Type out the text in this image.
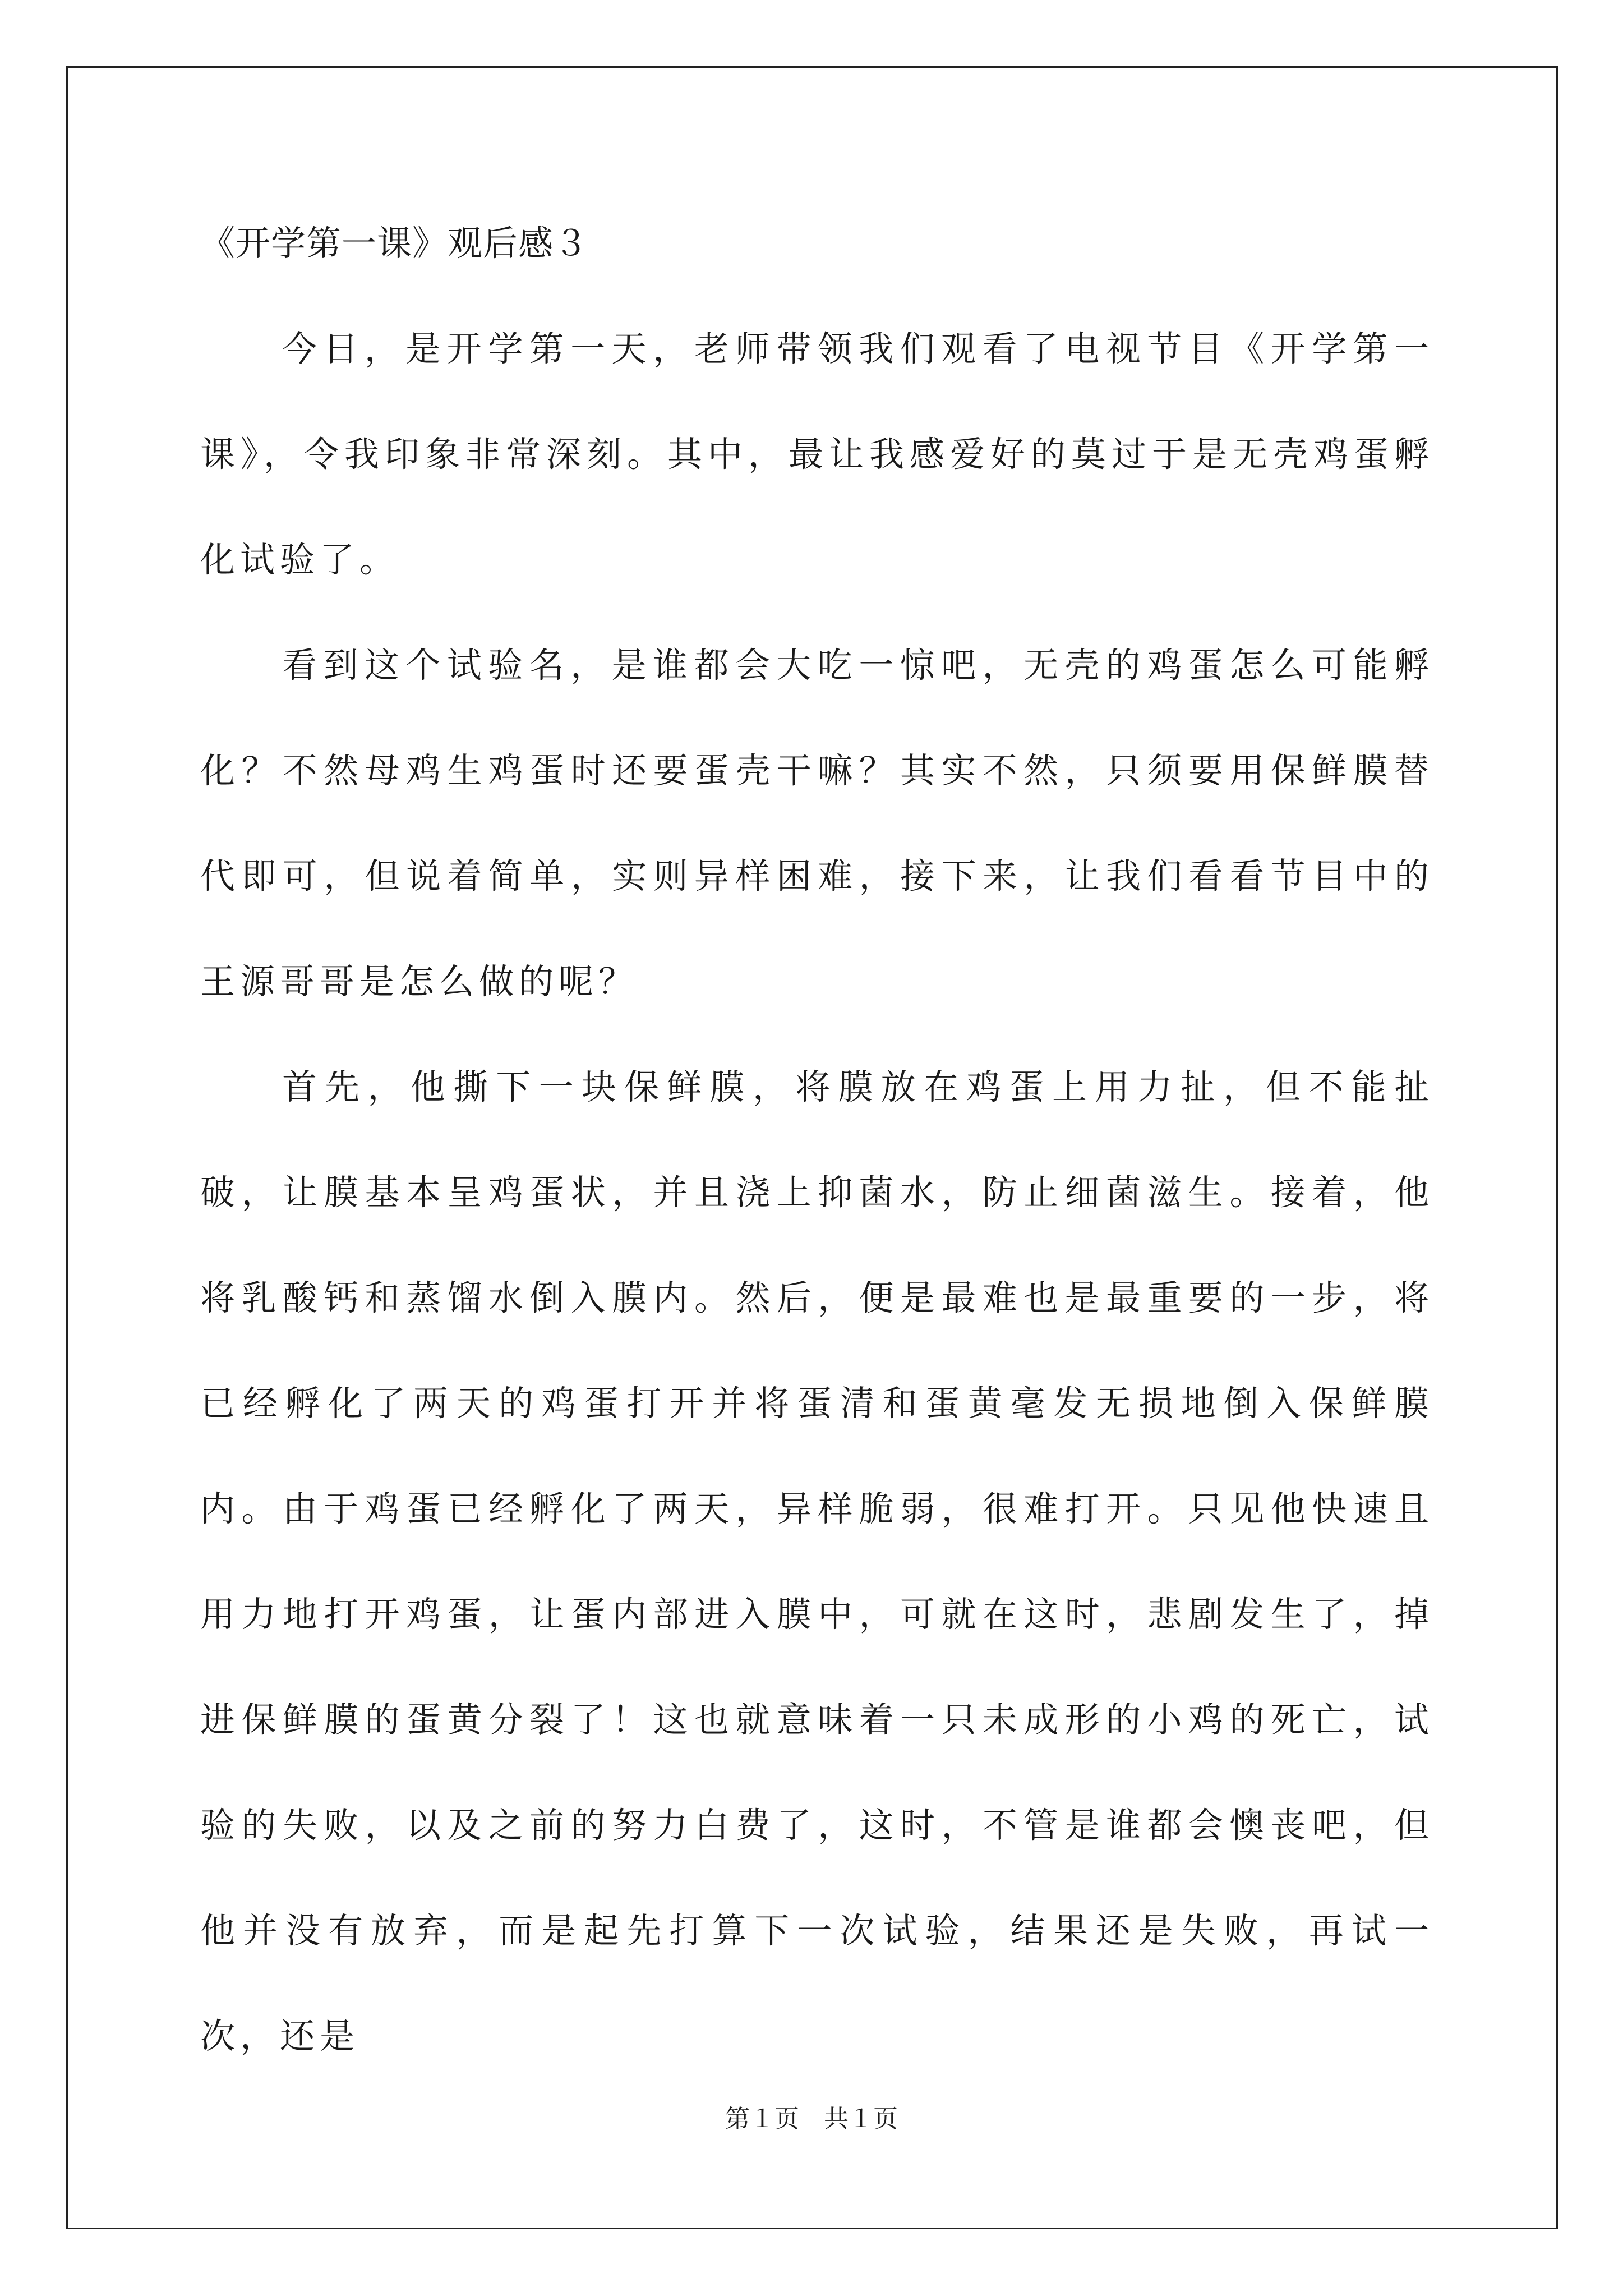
《开学第一课》观后感３

今日，是开学第一天，老师带领我们观看了电视节目《开学第一课》，令我印象非常深刻。其中，最让我感爱好的莫过于是无壳鸡蛋孵化试验了。

看到这个试验名，是谁都会大吃一惊吧，无壳的鸡蛋怎么可能孵化？不然母鸡生鸡蛋时还要蛋壳干嘛？其实不然，只须要用保鲜膜替代即可，但说着简单，实则异样困难，接下来，让我们看看节目中的王源哥哥是怎么做的呢？

首先，他撕下一块保鲜膜，将膜放在鸡蛋上用力扯，但不能扯破，让膜基本呈鸡蛋状，并且浇上抑菌水，防止细菌滋生。接着，他将乳酸钙和蒸馏水倒入膜内。然后，便是最难也是最重要的一步，将已经孵化了两天的鸡蛋打开并将蛋清和蛋黄毫发无损地倒入保鲜膜内。由于鸡蛋已经孵化了两天，异样脆弱，很难打开。只见他快速且用力地打开鸡蛋，让蛋内部进入膜中，可就在这时，悲剧发生了，掉进保鲜膜的蛋黄分裂了！这也就意味着一只未成形的小鸡的死亡，试验的失败，以及之前的努力白费了，这时，不管是谁都会懊丧吧，但他并没有放弃，而是起先打算下一次试验，结果还是失败，再试一次，还是

第１页 共１页
